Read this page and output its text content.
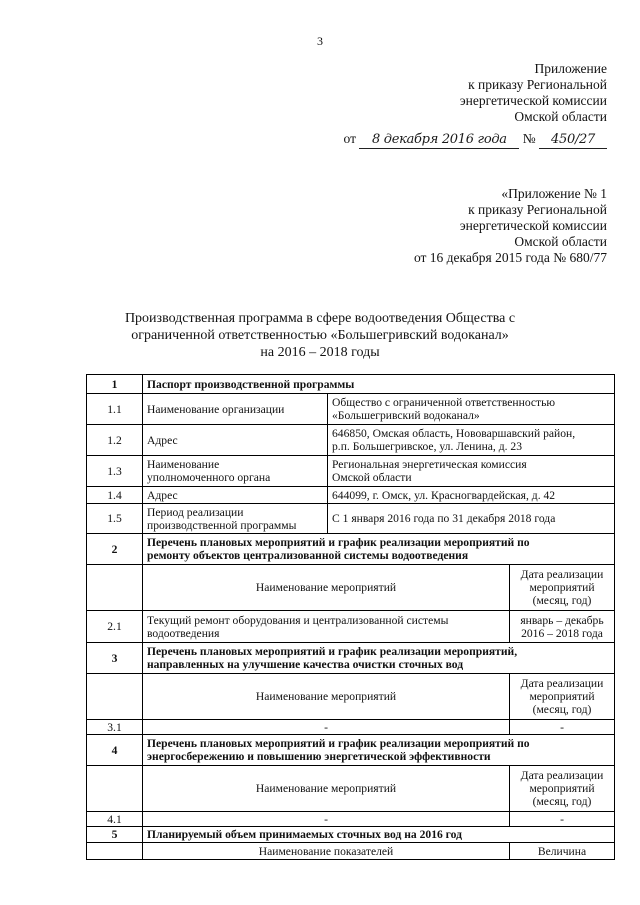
3
Приложение
к приказу Региональной
энергетической комиссии
Омской области
от 8 декабря 2016 года № 450/27
«Приложение № 1
к приказу Региональной
энергетической комиссии
Омской области
от 16 декабря 2015 года № 680/77
Производственная программа в сфере водоотведения Общества с
ограниченной ответственностью «Большегривский водоканал»
на 2016 – 2018 годы
1	Паспорт производственной программы		
1.1	Наименование организации	Общество с ограниченной ответственностью
«Большегривский водоканал»	
1.2	Адрес	646850, Омская область, Нововаршавский район,
р.п. Большегривское, ул. Ленина, д. 23	
1.3	Наименование
уполномоченного органа	Региональная энергетическая комиссия
Омской области	
1.4	Адрес	644099, г. Омск, ул. Красногвардейская, д. 42	
1.5	Период реализации
производственной программы	С 1 января 2016 года по 31 декабря 2018 года	
2	Перечень плановых мероприятий и график реализации мероприятий по
ремонту объектов централизованной системы водоотведения		

	Наименование мероприятий		Дата реализации
мероприятий
(месяц, год)
2.1	Текущий ремонт оборудования и централизованной системы
водоотведения		январь – декабрь
2016 – 2018 года
3	Перечень плановых мероприятий и график реализации мероприятий,
направленных на улучшение качества очистки сточных вод		

	Наименование мероприятий		Дата реализации
мероприятий
(месяц, год)
3.1	-		-
4	Перечень плановых мероприятий и график реализации мероприятий по
энергосбережению и повышению энергетической эффективности		

	Наименование мероприятий		Дата реализации
мероприятий
(месяц, год)
4.1	-		-
5	Планируемый объем принимаемых сточных вод на 2016 год		
	Наименование показателей		Величина
